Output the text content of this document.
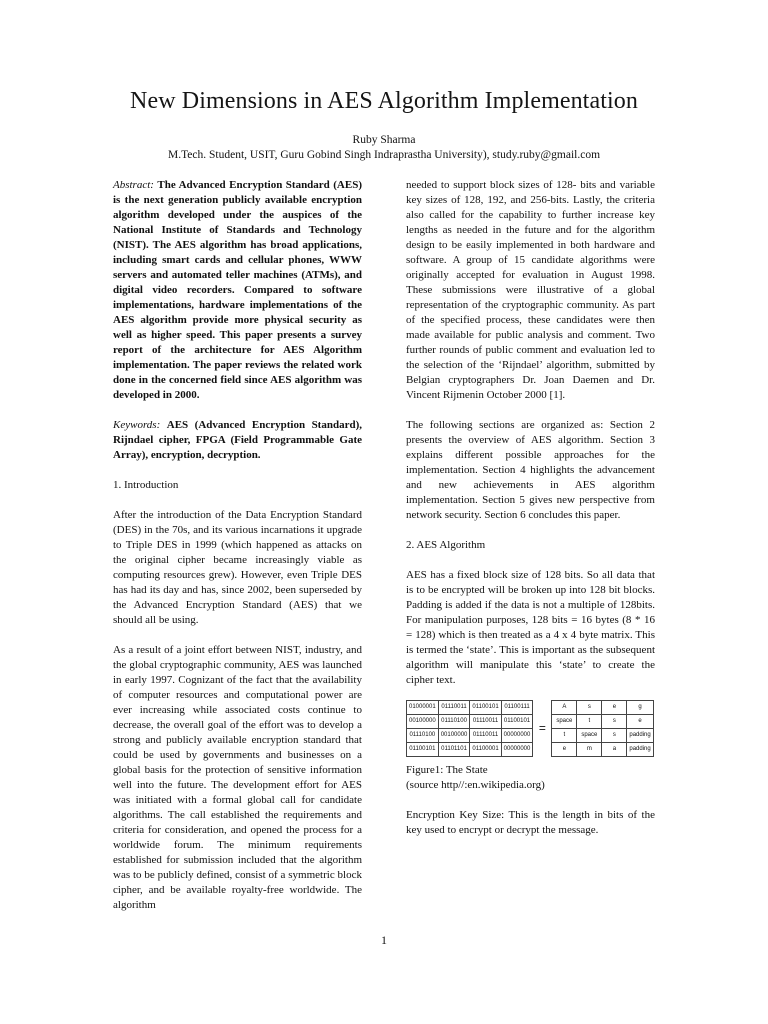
New Dimensions in AES Algorithm Implementation
Ruby Sharma
M.Tech. Student, USIT, Guru Gobind Singh Indraprastha University), study.ruby@gmail.com

Abstract: The Advanced Encryption Standard (AES) is the next generation publicly available encryption algorithm developed under the auspices of the National Institute of Standards and Technology (NIST). The AES algorithm has broad applications, including smart cards and cellular phones, WWW servers and automated teller machines (ATMs), and digital video recorders. Compared to software implementations, hardware implementations of the AES algorithm provide more physical security as well as higher speed. This paper presents a survey report of the architecture for AES Algorithm implementation. The paper reviews the related work done in the concerned field since AES algorithm was developed in 2000.

Keywords: AES (Advanced Encryption Standard), Rijndael cipher, FPGA (Field Programmable Gate Array), encryption, decryption.

1. Introduction

After the introduction of the Data Encryption Standard (DES) in the 70s, and its various incarnations it upgrade to Triple DES in 1999 (which happened as attacks on the original cipher became increasingly viable as computing resources grew). However, even Triple DES has had its day and has, since 2002, been superseded by the Advanced Encryption Standard (AES) that we should all be using.

As a result of a joint effort between NIST, industry, and the global cryptographic community, AES was launched in early 1997. Cognizant of the fact that the availability of computer resources and computational power are ever increasing while associated costs continue to decrease, the overall goal of the effort was to develop a strong and publicly available encryption standard that could be used by governments and businesses on a global basis for the protection of sensitive information well into the future. The development effort for AES was initiated with a formal global call for candidate algorithms. The call established the requirements and criteria for consideration, and opened the process for a worldwide forum. The minimum requirements established for submission included that the algorithm was to be publicly defined, consist of a symmetric block cipher, and be available royalty-free worldwide. The algorithm

needed to support block sizes of 128- bits and variable key sizes of 128, 192, and 256-bits. Lastly, the criteria also called for the capability to further increase key lengths as needed in the future and for the algorithm design to be easily implemented in both hardware and software. A group of 15 candidate algorithms were originally accepted for evaluation in August 1998. These submissions were illustrative of a global representation of the cryptographic community. As part of the specified process, these candidates were then made available for public analysis and comment. Two further rounds of public comment and evaluation led to the selection of the ‘Rijndael’ algorithm, submitted by Belgian cryptographers Dr. Joan Daemen and Dr. Vincent Rijmenin October 2000 [1].

The following sections are organized as: Section 2 presents the overview of AES algorithm. Section 3 explains different possible approaches for the implementation. Section 4 highlights the advancement and new achievements in AES algorithm implementation. Section 5 gives new perspective from network security. Section 6 concludes this paper.

2. AES Algorithm

AES has a fixed block size of 128 bits. So all data that is to be encrypted will be broken up into 128 bit blocks. Padding is added if the data is not a multiple of 128bits. For manipulation purposes, 128 bits = 16 bytes (8 * 16 = 128) which is then treated as a 4 x 4 byte matrix. This is termed the ‘state’. This is important as the subsequent algorithm will manipulate this ‘state’ to create the cipher text.

01000001	01110011	01100101	01100111
00100000	01110100	01110011	01100101
01110100	00100000	01110011	00000000
01100101	01101101	01100001	00000000
=
A	s	e	g
space	t	s	e
t	space	s	padding
e	m	a	padding
Figure1: The State
(source http//:en.wikipedia.org)

Encryption Key Size: This is the length in bits of the key used to encrypt or decrypt the message.

1
